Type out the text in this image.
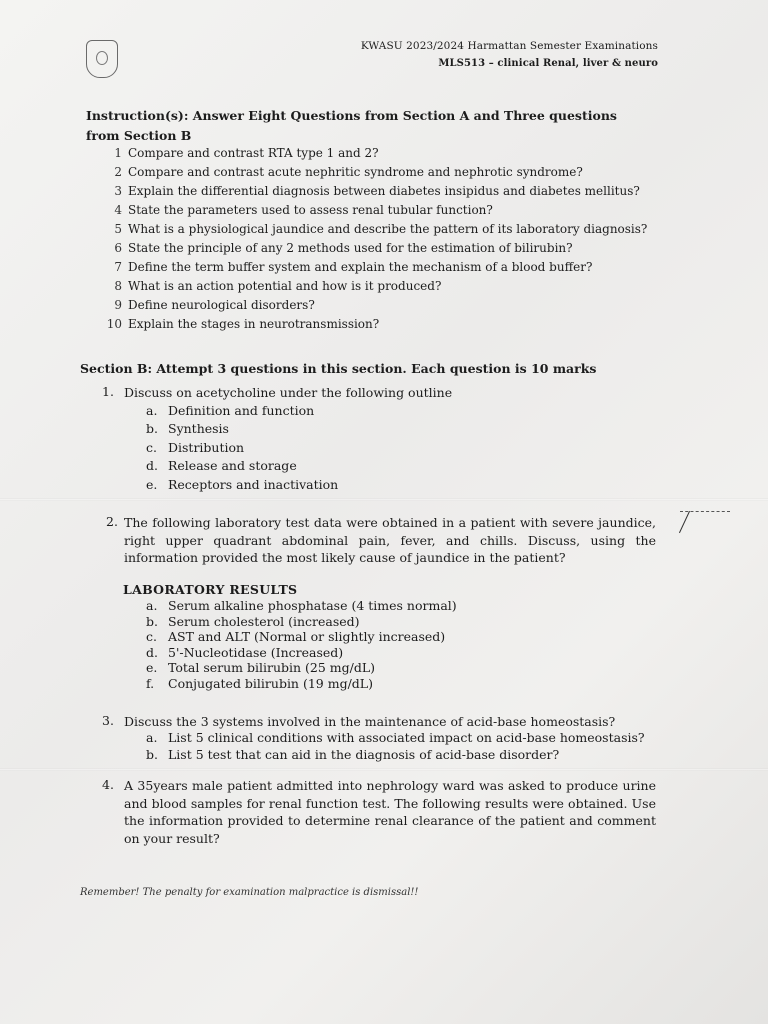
KWASU 2023/2024 Harmattan Semester Examinations
MLS513 – clinical Renal, liver & neuro
Instruction(s): Answer Eight Questions from Section A and Three questions from Section B
1 Compare and contrast RTA type 1 and 2?
2 Compare and contrast acute nephritic syndrome and nephrotic syndrome?
3 Explain the differential diagnosis between diabetes insipidus and diabetes mellitus?
4 State the parameters used to assess renal tubular function?
5 What is a physiological jaundice and describe the pattern of its laboratory diagnosis?
6 State the principle of any 2 methods used for the estimation of bilirubin?
7 Define the term buffer system and explain the mechanism of a blood buffer?
8 What is an action potential and how is it produced?
9 Define neurological disorders?
10 Explain the stages in neurotransmission?
Section B: Attempt 3 questions in this section. Each question is 10 marks
1. Discuss on acetycholine under the following outline
a. Definition and function
b. Synthesis
c. Distribution
d. Release and storage
e. Receptors and inactivation
2. The following laboratory test data were obtained in a patient with severe jaundice, right upper quadrant abdominal pain, fever, and chills. Discuss, using the information provided the most likely cause of jaundice in the patient?
LABORATORY RESULTS
a. Serum alkaline phosphatase (4 times normal)
b. Serum cholesterol (increased)
c. AST and ALT (Normal or slightly increased)
d. 5'-Nucleotidase (Increased)
e. Total serum bilirubin (25 mg/dL)
f.	Conjugated bilirubin (19 mg/dL)
3. Discuss the 3 systems involved in the maintenance of acid-base homeostasis?
a. List 5 clinical conditions with associated impact on acid-base homeostasis?
b. List 5 test that can aid in the diagnosis of acid-base disorder?
4. A 35years male patient admitted into nephrology ward was asked to produce urine and blood samples for renal function test. The following results were obtained. Use the information provided to determine renal clearance of the patient and comment on your result?
Remember! The penalty for examination malpractice is dismissal!!
